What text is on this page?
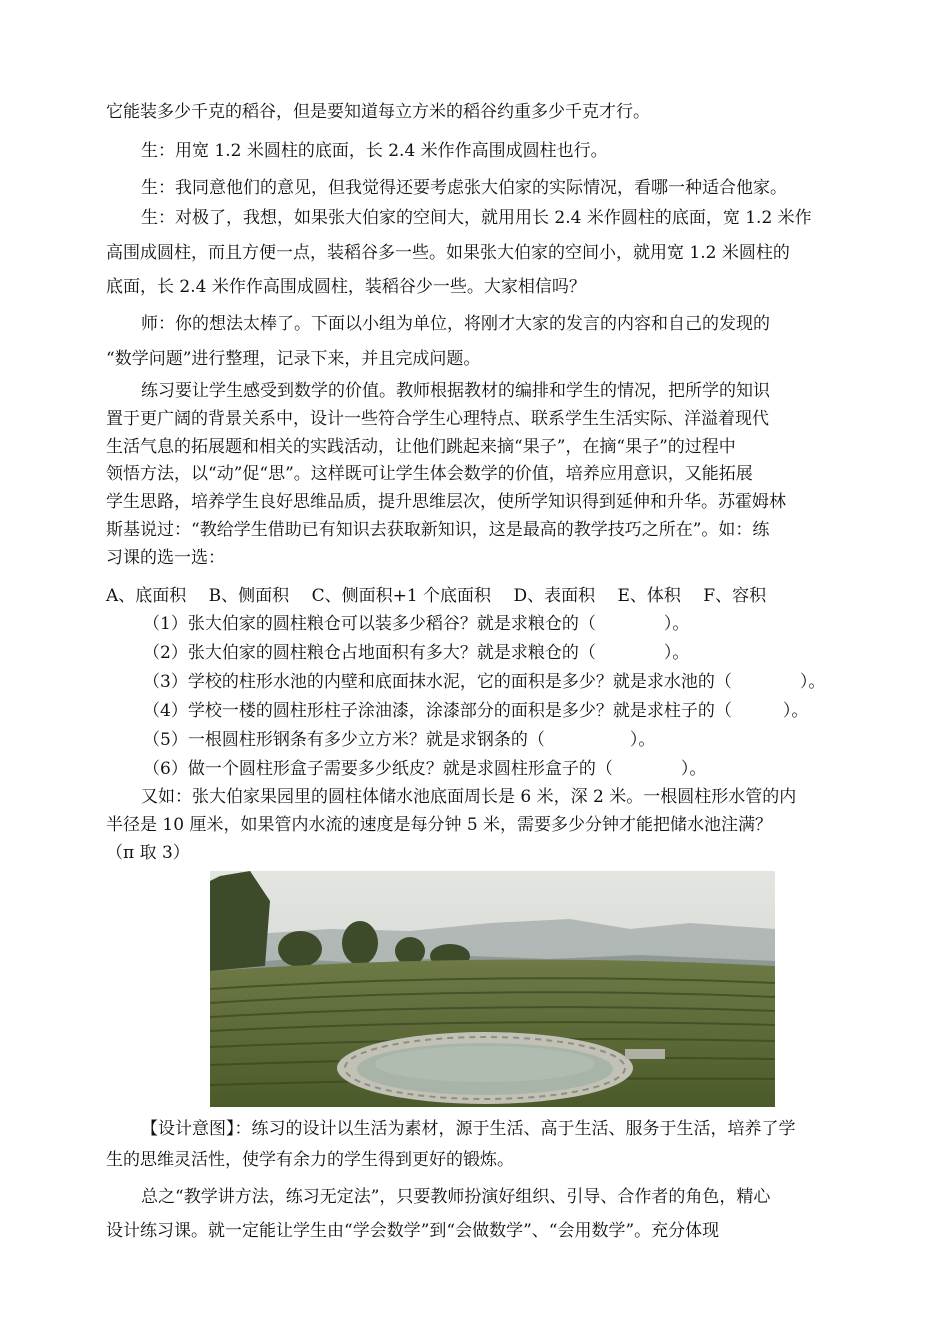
它能装多少千克的稻谷，但是要知道每立方米的稻谷约重多少千克才行。
生：用宽 1.2 米圆柱的底面，长 2.4 米作作高围成圆柱也行。
生：我同意他们的意见，但我觉得还要考虑张大伯家的实际情况，看哪一种适合他家。
生：对极了，我想，如果张大伯家的空间大，就用用长 2.4 米作圆柱的底面，宽 1.2 米作
高围成圆柱，而且方便一点，装稻谷多一些。如果张大伯家的空间小，就用宽 1.2 米圆柱的
底面，长 2.4 米作作高围成圆柱，装稻谷少一些。大家相信吗？
师：你的想法太棒了。下面以小组为单位，将刚才大家的发言的内容和自己的发现的
“数学问题”进行整理，记录下来，并且完成问题。
练习要让学生感受到数学的价值。教师根据教材的编排和学生的情况，把所学的知识
置于更广阔的背景关系中，设计一些符合学生心理特点、联系学生生活实际、洋溢着现代
生活气息的拓展题和相关的实践活动，让他们跳起来摘“果子”，在摘“果子”的过程中
领悟方法，以“动”促“思”。这样既可让学生体会数学的价值，培养应用意识，又能拓展
学生思路，培养学生良好思维品质，提升思维层次，使所学知识得到延伸和升华。苏霍姆林
斯基说过：“教给学生借助已有知识去获取新知识，这是最高的教学技巧之所在”。如：练
习课的选一选：
A、底面积　 B、侧面积　 C、侧面积+1 个底面积　 D、表面积　 E、体积　 F、容积
（1）张大伯家的圆柱粮仓可以装多少稻谷？就是求粮仓的（　　　　）。
（2）张大伯家的圆柱粮仓占地面积有多大？就是求粮仓的（　　　　）。
（3）学校的柱形水池的内壁和底面抹水泥，它的面积是多少？就是求水池的（　　　　）。
（4）学校一楼的圆柱形柱子涂油漆，涂漆部分的面积是多少？就是求柱子的（　　　）。
（5）一根圆柱形钢条有多少立方米？就是求钢条的（　　　　　）。
（6）做一个圆柱形盒子需要多少纸皮？就是求圆柱形盒子的（　　　　）。
又如：张大伯家果园里的圆柱体储水池底面周长是 6 米，深 2 米。一根圆柱形水管的内
半径是 10 厘米，如果管内水流的速度是每分钟 5 米，需要多少分钟才能把储水池注满？
（π 取 3）
【设计意图】：练习的设计以生活为素材，源于生活、高于生活、服务于生活，培养了学
生的思维灵活性，使学有余力的学生得到更好的锻炼。
总之“教学讲方法，练习无定法”，只要教师扮演好组织、引导、合作者的角色，精心
设计练习课。就一定能让学生由“学会数学”到“会做数学”、“会用数学”。充分体现
